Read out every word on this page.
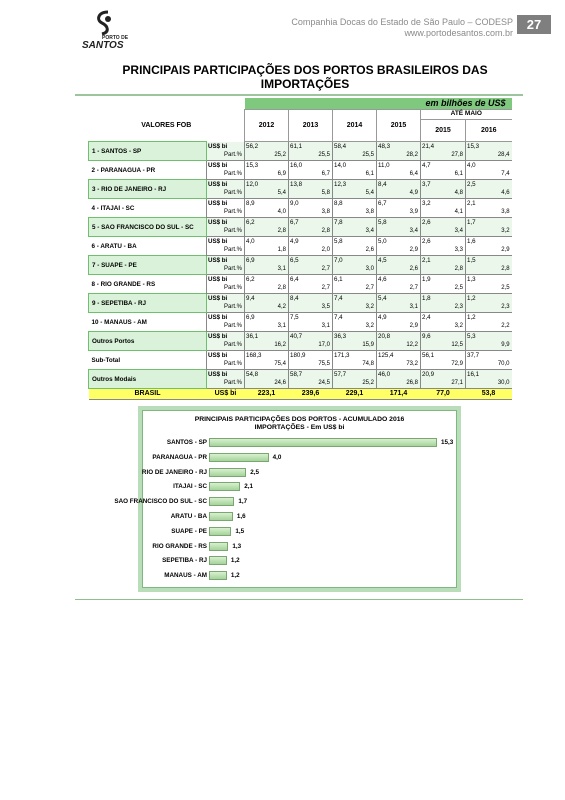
PORTO DE
SANTOS
Companhia Docas do Estado de São Paulo – CODESP
www.portodesantos.com.br
27
PRINCIPAIS PARTICIPAÇÕES DOS PORTOS BRASILEIROS DAS
IMPORTAÇÕES
		em bilhões de US$					
VALORES FOB		2012	2013	2014	2015	ATÉ MAIO	
						2015	2016
1 - SANTOS - SP	US$ bi	56,2	61,1	58,4	48,3	21,4	15,3
	Part.%	25,2	25,5	25,5	28,2	27,8	28,4
2 - PARANAGUA - PR	US$ bi	15,3	16,0	14,0	11,0	4,7	4,0
	Part.%	6,9	6,7	6,1	6,4	6,1	7,4
3 - RIO DE JANEIRO - RJ	US$ bi	12,0	13,8	12,3	8,4	3,7	2,5
	Part.%	5,4	5,8	5,4	4,9	4,8	4,6
4 - ITAJAI - SC	US$ bi	8,9	9,0	8,8	6,7	3,2	2,1
	Part.%	4,0	3,8	3,8	3,9	4,1	3,8
5 - SAO FRANCISCO DO SUL - SC	US$ bi	6,2	6,7	7,8	5,8	2,6	1,7
	Part.%	2,8	2,8	3,4	3,4	3,4	3,2
6 - ARATU - BA	US$ bi	4,0	4,9	5,8	5,0	2,6	1,6
	Part.%	1,8	2,0	2,6	2,9	3,3	2,9
7 - SUAPE - PE	US$ bi	6,9	6,5	7,0	4,5	2,1	1,5
	Part.%	3,1	2,7	3,0	2,6	2,8	2,8
8 - RIO GRANDE - RS	US$ bi	6,2	6,4	6,1	4,6	1,9	1,3
	Part.%	2,8	2,7	2,7	2,7	2,5	2,5
9 - SEPETIBA - RJ	US$ bi	9,4	8,4	7,4	5,4	1,8	1,2
	Part.%	4,2	3,5	3,2	3,1	2,3	2,3
10 - MANAUS - AM	US$ bi	6,9	7,5	7,4	4,9	2,4	1,2
	Part.%	3,1	3,1	3,2	2,9	3,2	2,2
Outros Portos	US$ bi	36,1	40,7	36,3	20,8	9,6	5,3
	Part.%	16,2	17,0	15,9	12,2	12,5	9,9
Sub-Total	US$ bi	168,3	180,9	171,3	125,4	56,1	37,7
	Part.%	75,4	75,5	74,8	73,2	72,9	70,0
Outros Modais	US$ bi	54,8	58,7	57,7	46,0	20,9	16,1
	Part.%	24,6	24,5	25,2	26,8	27,1	30,0
BRASIL	US$ bi	223,1	239,6	229,1	171,4	77,0	53,8
PRINCIPAIS PARTICIPAÇÕES DOS PORTOS - ACUMULADO 2016
IMPORTAÇÕES - Em US$ bi
SANTOS - SP	15,3
PARANAGUA - PR	4,0
RIO DE JANEIRO - RJ	2,5
ITAJAI - SC	2,1
SAO FRANCISCO DO SUL - SC	1,7
ARATU - BA	1,6
SUAPE - PE	1,5
RIO GRANDE - RS	1,3
SEPETIBA - RJ	1,2
MANAUS - AM	1,2
